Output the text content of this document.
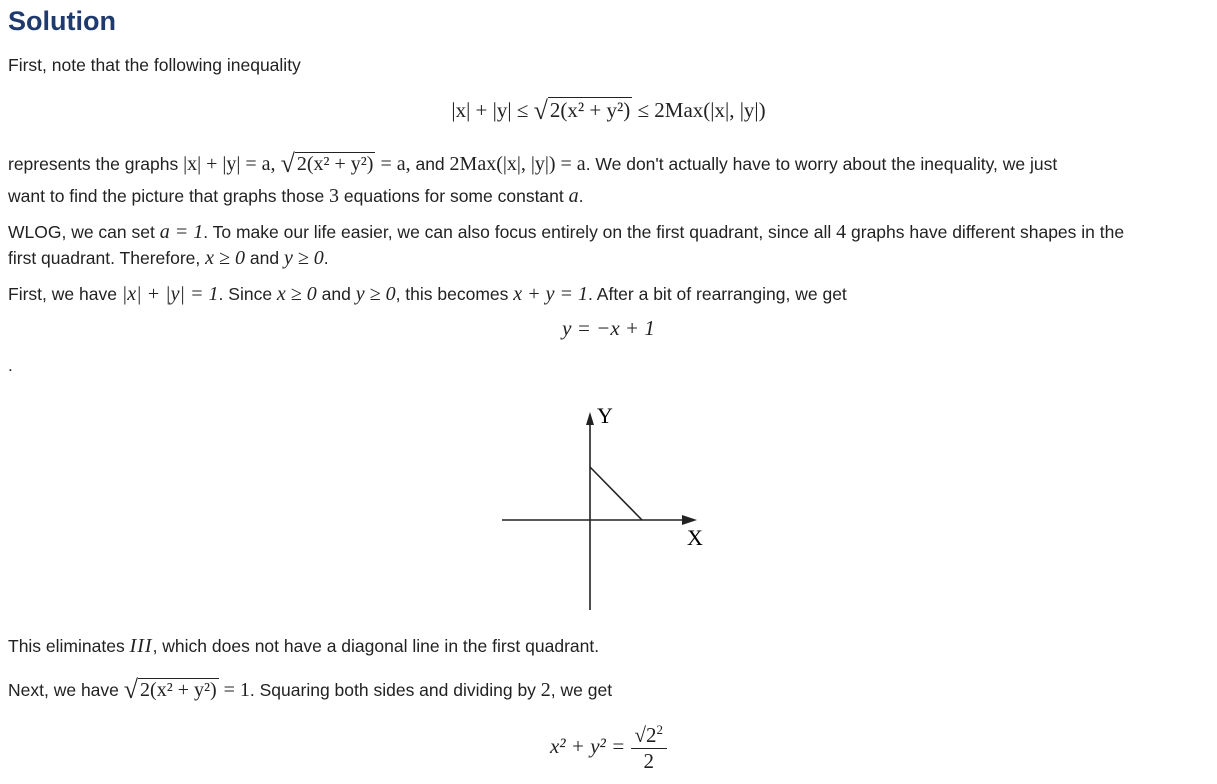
Solution
First, note that the following inequality
|x| + |y| ≤ √2(x² + y²) ≤ 2Max(|x|, |y|)
represents the graphs |x| + |y| = a, √ 2(x² + y²) = a, and 2Max(|x|, |y|) = a. We don't actually have to worry about the inequality, we just
want to find the picture that graphs those 3 equations for some constant a.
WLOG, we can set a = 1. To make our life easier, we can also focus entirely on the first quadrant, since all 4 graphs have different shapes in the
first quadrant. Therefore, x ≥ 0 and y ≥ 0.
First, we have |x| + |y| = 1. Since x ≥ 0 and y ≥ 0, this becomes x + y = 1. After a bit of rearranging, we get
y = −x + 1
.
Y
X
This eliminates III, which does not have a diagonal line in the first quadrant.
Next, we have √ 2(x² + y²) = 1. Squaring both sides and dividing by 2, we get
$x^2 + y^2 = \frac{√2^2}{2}$
